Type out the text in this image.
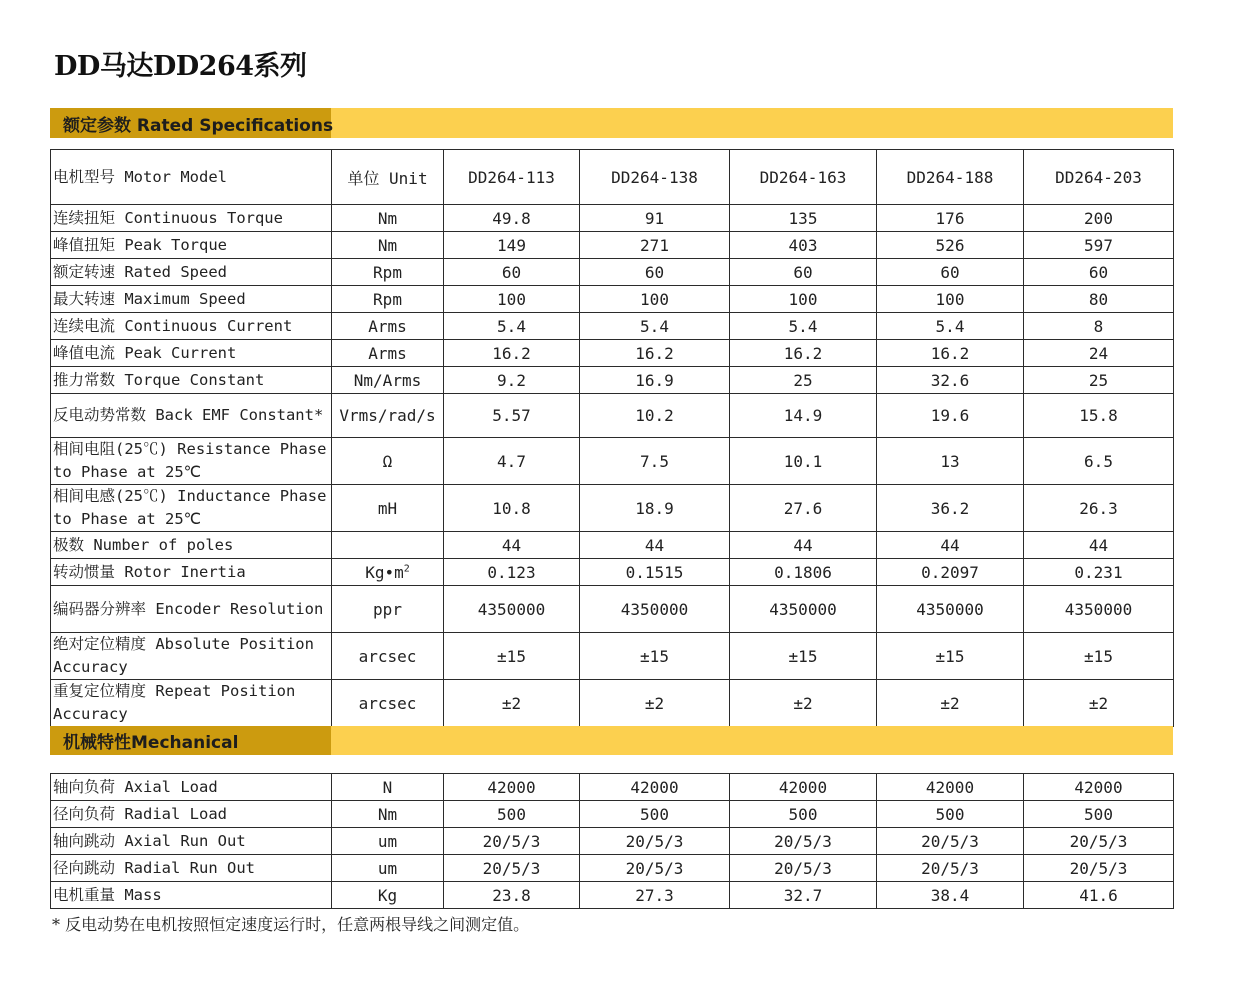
DD马达DD264系列
额定参数 Rated Specifications
电机型号 Motor Model	单位 Unit	DD264-113	DD264-138	DD264-163	DD264-188	DD264-203
连续扭矩 Continuous Torque	Nm	49.8	91	135	176	200
峰值扭矩 Peak Torque	Nm	149	271	403	526	597
额定转速 Rated Speed	Rpm	60	60	60	60	60
最大转速 Maximum Speed	Rpm	100	100	100	100	80
连续电流 Continuous Current	Arms	5.4	5.4	5.4	5.4	8
峰值电流 Peak Current	Arms	16.2	16.2	16.2	16.2	24
推力常数 Torque Constant	Nm/Arms	9.2	16.9	25	32.6	25
反电动势常数 Back EMF Constant*	Vrms/rad/s	5.57	10.2	14.9	19.6	15.8
相间电阻(25℃) Resistance Phase to Phase at 25℃	Ω	4.7	7.5	10.1	13	6.5
相间电感(25℃) Inductance Phase to Phase at 25℃	mH	10.8	18.9	27.6	36.2	26.3
极数 Number of poles		44	44	44	44	44
转动惯量 Rotor Inertia	$Kg•m^2$	0.123	0.1515	0.1806	0.2097	0.231
编码器分辨率 Encoder Resolution	ppr	4350000	4350000	4350000	4350000	4350000
绝对定位精度 Absolute Position Accuracy	arcsec	±15	±15	±15	±15	±15
重复定位精度 Repeat Position Accuracy	arcsec	±2	±2	±2	±2	±2
机械特性Mechanical
轴向负荷 Axial Load	N	42000	42000	42000	42000	42000
径向负荷 Radial Load	Nm	500	500	500	500	500
轴向跳动 Axial Run Out	um	20/5/3	20/5/3	20/5/3	20/5/3	20/5/3
径向跳动 Radial Run Out	um	20/5/3	20/5/3	20/5/3	20/5/3	20/5/3
电机重量 Mass	Kg	23.8	27.3	32.7	38.4	41.6
* 反电动势在电机按照恒定速度运行时，任意两根导线之间测定值。
